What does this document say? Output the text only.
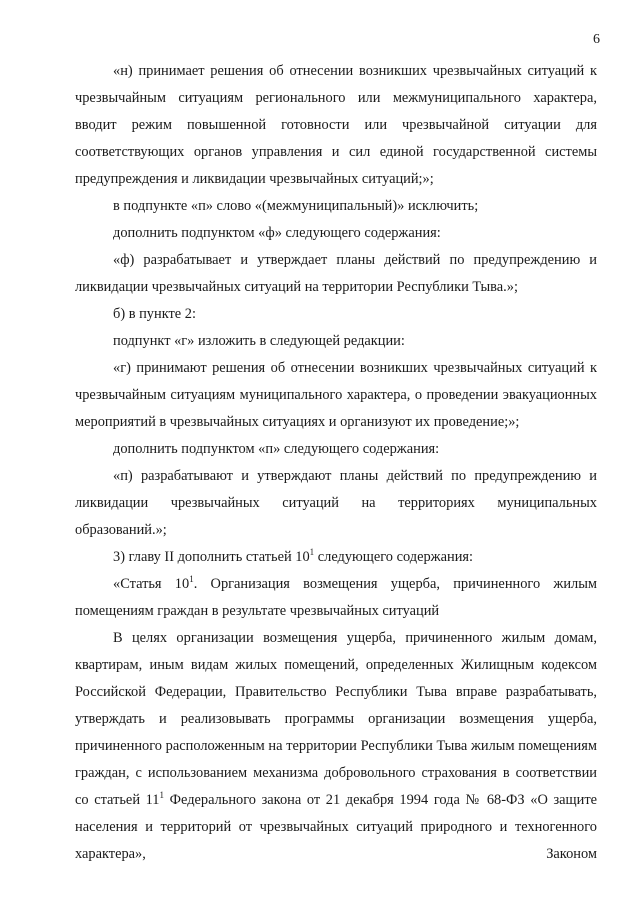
6

«н) принимает решения об отнесении возникших чрезвычайных ситуаций к чрезвычайным ситуациям регионального или межмуниципального характера, вводит режим повышенной готовности или чрезвычайной ситуации для соответствующих органов управления и сил единой государственной системы предупреждения и ликвидации чрезвычайных ситуаций;»;

в подпункте «п» слово «(межмуниципальный)» исключить;

дополнить подпунктом «ф» следующего содержания:

«ф) разрабатывает и утверждает планы действий по предупреждению и ликвидации чрезвычайных ситуаций на территории Республики Тыва.»;

б) в пункте 2:

подпункт «г» изложить в следующей редакции:

«г) принимают решения об отнесении возникших чрезвычайных ситуаций к чрезвычайным ситуациям муниципального характера, о проведении эвакуационных мероприятий в чрезвычайных ситуациях и организуют их проведение;»;

дополнить подпунктом «п» следующего содержания:

«п) разрабатывают и утверждают планы действий по предупреждению и ликвидации чрезвычайных ситуаций на территориях муниципальных образований.»;

3) главу II дополнить статьей $10^1$ следующего содержания:

«Статья $10^1$. Организация возмещения ущерба, причиненного жилым помещениям граждан в результате чрезвычайных ситуаций

В целях организации возмещения ущерба, причиненного жилым домам, квартирам, иным видам жилых помещений, определенных Жилищным кодексом Российской Федерации, Правительство Республики Тыва вправе разрабатывать, утверждать и реализовывать программы организации возмещения ущерба, причиненного расположенным на территории Республики Тыва жилым помещениям граждан, с использованием механизма добровольного страхования в соответствии со статьей $11^1$ Федерального закона от 21 декабря 1994 года № 68-ФЗ «О защите населения и территорий от чрезвычайных ситуаций природного и техногенного характера», Законом
